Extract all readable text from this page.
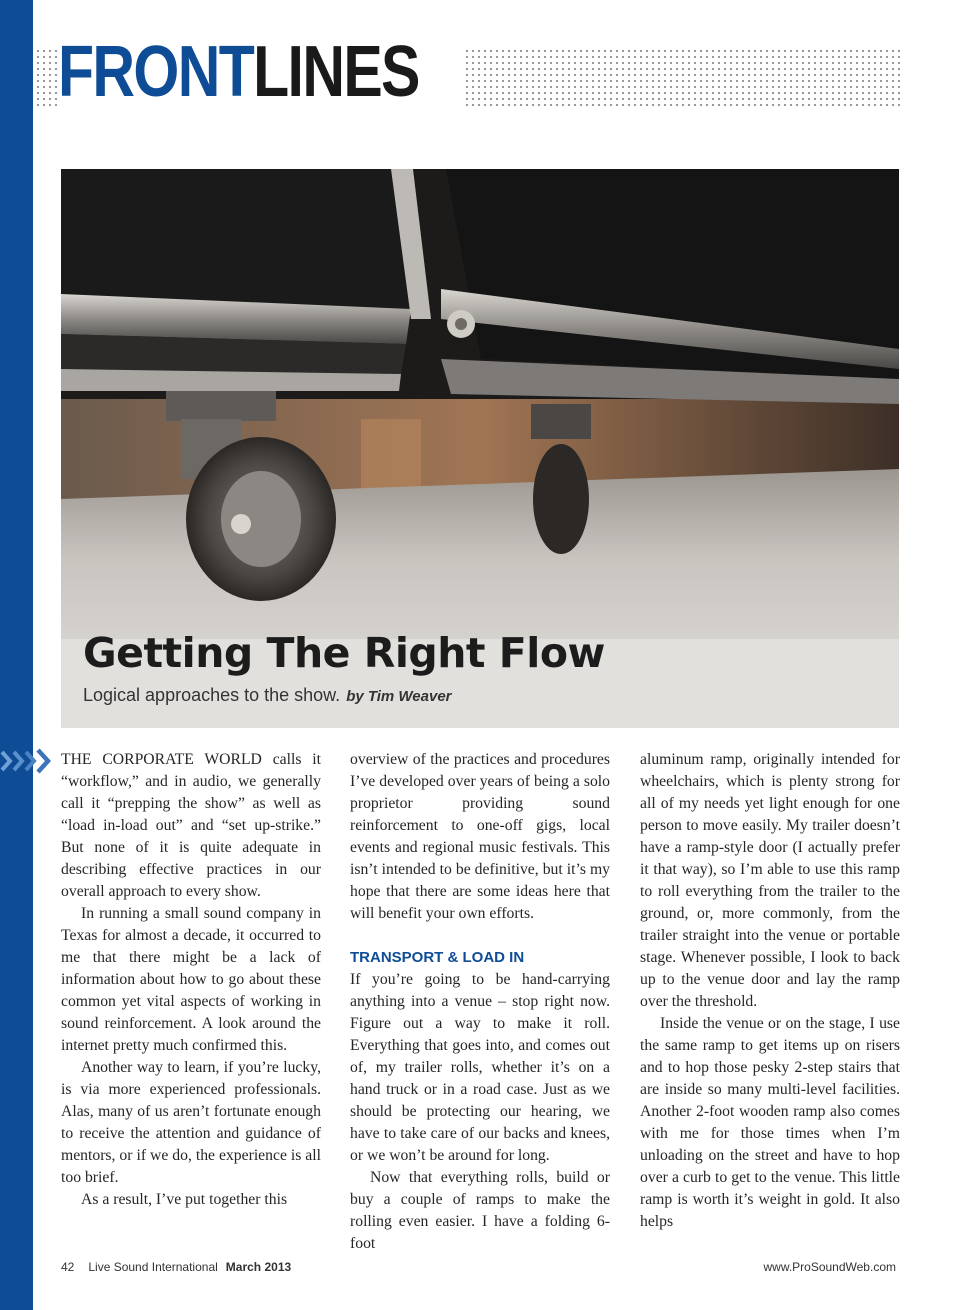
FRONTLINES
Getting The Right Flow
Logical approaches to the show. by Tim Weaver

THE CORPORATE WORLD calls it “workflow,” and in audio, we generally call it “prepping the show” as well as “load in-load out” and “set up-strike.” But none of it is quite adequate in describing effective practices in our overall approach to every show.

In running a small sound company in Texas for almost a decade, it occurred to me that there might be a lack of information about how to go about these common yet vital aspects of working in sound reinforcement. A look around the internet pretty much confirmed this.

Another way to learn, if you’re lucky, is via more experienced professionals. Alas, many of us aren’t fortunate enough to receive the attention and guidance of mentors, or if we do, the experience is all too brief.

As a result, I’ve put together this

overview of the practices and procedures I’ve developed over years of being a solo proprietor providing sound reinforcement to one-off gigs, local events and regional music festivals. This isn’t intended to be definitive, but it’s my hope that there are some ideas here that will benefit your own efforts.

TRANSPORT & LOAD IN

If you’re going to be hand-carrying anything into a venue – stop right now. Figure out a way to make it roll. Everything that goes into, and comes out of, my trailer rolls, whether it’s on a hand truck or in a road case. Just as we should be protecting our hearing, we have to take care of our backs and knees, or we won’t be around for long.

Now that everything rolls, build or buy a couple of ramps to make the rolling even easier. I have a folding 6-foot

aluminum ramp, originally intended for wheelchairs, which is plenty strong for all of my needs yet light enough for one person to move easily. My trailer doesn’t have a ramp-style door (I actually prefer it that way), so I’m able to use this ramp to roll everything from the trailer to the ground, or, more commonly, from the trailer straight into the venue or portable stage. Whenever possible, I look to back up to the venue door and lay the ramp over the threshold.

Inside the venue or on the stage, I use the same ramp to get items up on risers and to hop those pesky 2-step stairs that are inside so many multi-level facilities. Another 2-foot wooden ramp also comes with me for those times when I’m unloading on the street and have to hop over a curb to get to the venue. This little ramp is worth it’s weight in gold. It also helps

42 Live Sound International March 2013	www.ProSoundWeb.com
